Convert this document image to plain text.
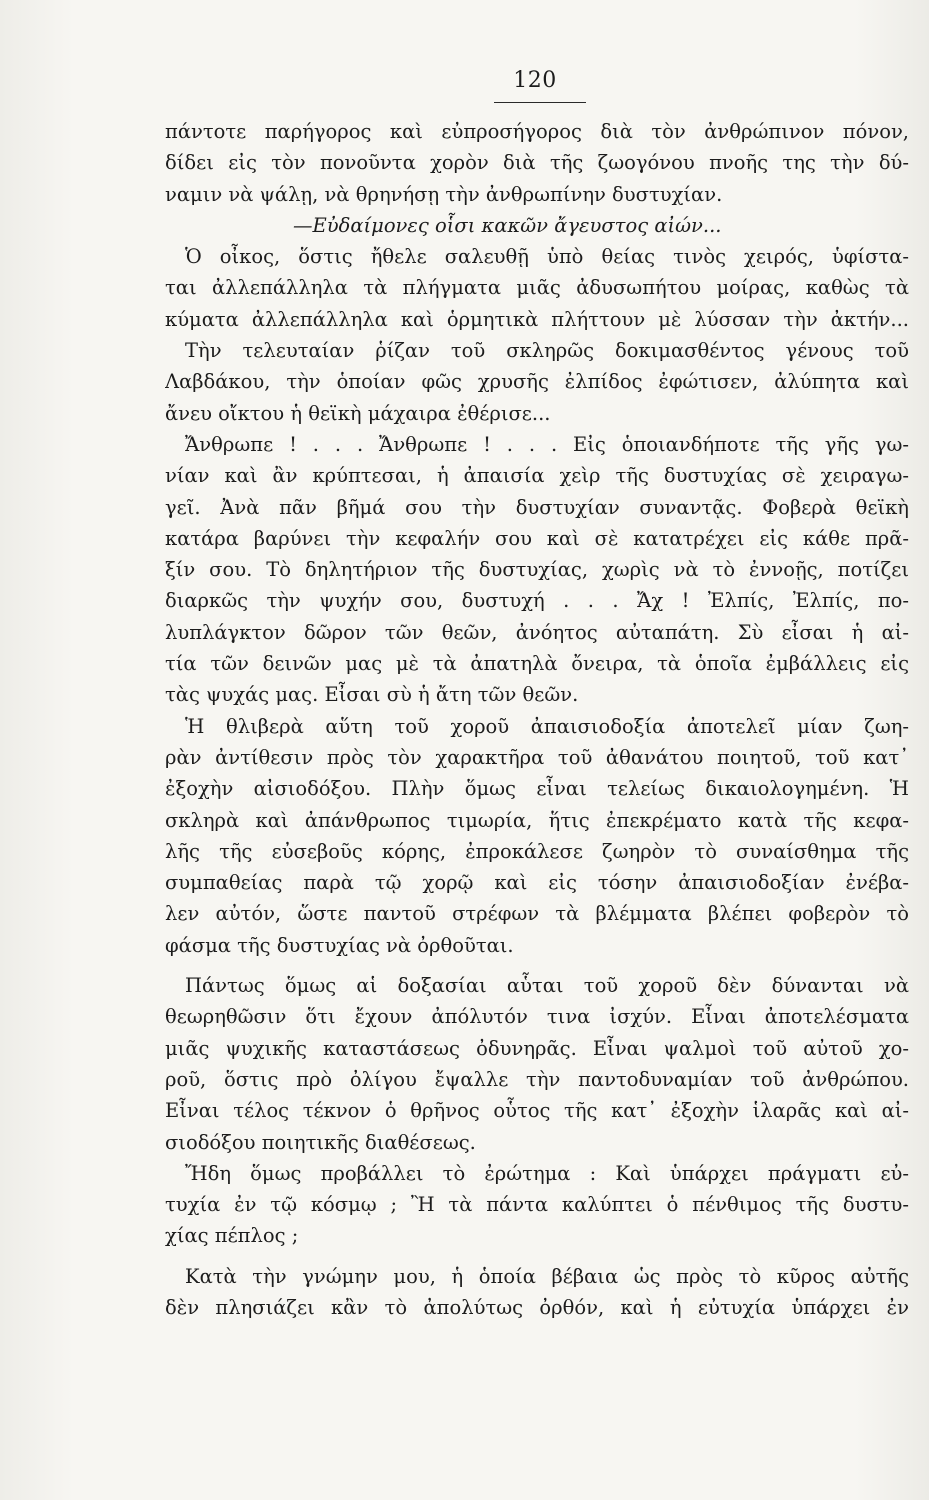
120
πάντοτε παρήγορος καὶ εὐπροσήγορος διὰ τὸν ἀνθρώπινον πόνον,
δίδει εἰς τὸν πονοῦντα χορὸν διὰ τῆς ζωογόνου πνοῆς της τὴν δύ-
ναμιν νὰ ψάλῃ, νὰ θρηνήσῃ τὴν ἀνθρωπίνην δυστυχίαν.
—Εὐδαίμονες οἷσι κακῶν ἄγευστος αἰών...
Ὁ οἶκος, ὅστις ἤθελε σαλευθῇ ὑπὸ θείας τινὸς χειρός, ὑφίστα-
ται ἀλλεπάλληλα τὰ πλήγματα μιᾶς ἀδυσωπήτου μοίρας, καθὼς τὰ
κύματα ἀλλεπάλληλα καὶ ὁρμητικὰ πλήττουν μὲ λύσσαν τὴν ἀκτήν...
Τὴν τελευταίαν ῥίζαν τοῦ σκληρῶς δοκιμασθέντος γένους τοῦ
Λαβδάκου, τὴν ὁποίαν φῶς χρυσῆς ἐλπίδος ἐφώτισεν, ἀλύπητα καὶ
ἄνευ οἴκτου ἡ θεϊκὴ μάχαιρα ἐθέρισε...
Ἄνθρωπε ! . . . Ἄνθρωπε ! . . . Εἰς ὁποιανδήποτε τῆς γῆς γω-
νίαν καὶ ἂν κρύπτεσαι, ἡ ἀπαισία χεὶρ τῆς δυστυχίας σὲ χειραγω-
γεῖ. Ἀνὰ πᾶν βῆμά σου τὴν δυστυχίαν συναντᾷς. Φοβερὰ θεϊκὴ
κατάρα βαρύνει τὴν κεφαλήν σου καὶ σὲ κατατρέχει εἰς κάθε πρᾶ-
ξίν σου. Τὸ δηλητήριον τῆς δυστυχίας, χωρὶς νὰ τὸ ἐννοῇς, ποτίζει
διαρκῶς τὴν ψυχήν σου, δυστυχή . . . Ἄχ ! Ἐλπίς, Ἐλπίς, πο-
λυπλάγκτον δῶρον τῶν θεῶν, ἀνόητος αὐταπάτη. Σὺ εἶσαι ἡ αἰ-
τία τῶν δεινῶν μας μὲ τὰ ἀπατηλὰ ὄνειρα, τὰ ὁποῖα ἐμβάλλεις εἰς
τὰς ψυχάς μας. Εἶσαι σὺ ἡ ἄτη τῶν θεῶν.
Ἡ θλιβερὰ αὕτη τοῦ χοροῦ ἀπαισιοδοξία ἀποτελεῖ μίαν ζωη-
ρὰν ἀντίθεσιν πρὸς τὸν χαρακτῆρα τοῦ ἀθανάτου ποιητοῦ, τοῦ κατ᾽
ἐξοχὴν αἰσιοδόξου. Πλὴν ὅμως εἶναι τελείως δικαιολογημένη. Ἡ
σκληρὰ καὶ ἀπάνθρωπος τιμωρία, ἥτις ἐπεκρέματο κατὰ τῆς κεφα-
λῆς τῆς εὐσεβοῦς κόρης, ἐπροκάλεσε ζωηρὸν τὸ συναίσθημα τῆς
συμπαθείας παρὰ τῷ χορῷ καὶ εἰς τόσην ἀπαισιοδοξίαν ἐνέβα-
λεν αὐτόν, ὥστε παντοῦ στρέφων τὰ βλέμματα βλέπει φοβερὸν τὸ
φάσμα τῆς δυστυχίας νὰ ὀρθοῦται.
Πάντως ὅμως αἱ δοξασίαι αὗται τοῦ χοροῦ δὲν δύνανται νὰ
θεωρηθῶσιν ὅτι ἔχουν ἀπόλυτόν τινα ἰσχύν. Εἶναι ἀποτελέσματα
μιᾶς ψυχικῆς καταστάσεως ὀδυνηρᾶς. Εἶναι ψαλμοὶ τοῦ αὐτοῦ χο-
ροῦ, ὅστις πρὸ ὀλίγου ἔψαλλε τὴν παντοδυναμίαν τοῦ ἀνθρώπου.
Εἶναι τέλος τέκνον ὁ θρῆνος οὗτος τῆς κατ᾽ ἐξοχὴν ἱλαρᾶς καὶ αἰ-
σιοδόξου ποιητικῆς διαθέσεως.
Ἤδη ὅμως προβάλλει τὸ ἐρώτημα : Καὶ ὑπάρχει πράγματι εὐ-
τυχία ἐν τῷ κόσμῳ ; Ἢ τὰ πάντα καλύπτει ὁ πένθιμος τῆς δυστυ-
χίας πέπλος ;
Κατὰ τὴν γνώμην μου, ἡ ὁποία βέβαια ὡς πρὸς τὸ κῦρος αὐτῆς
δὲν πλησιάζει κἂν τὸ ἀπολύτως ὀρθόν, καὶ ἡ εὐτυχία ὑπάρχει ἐν
